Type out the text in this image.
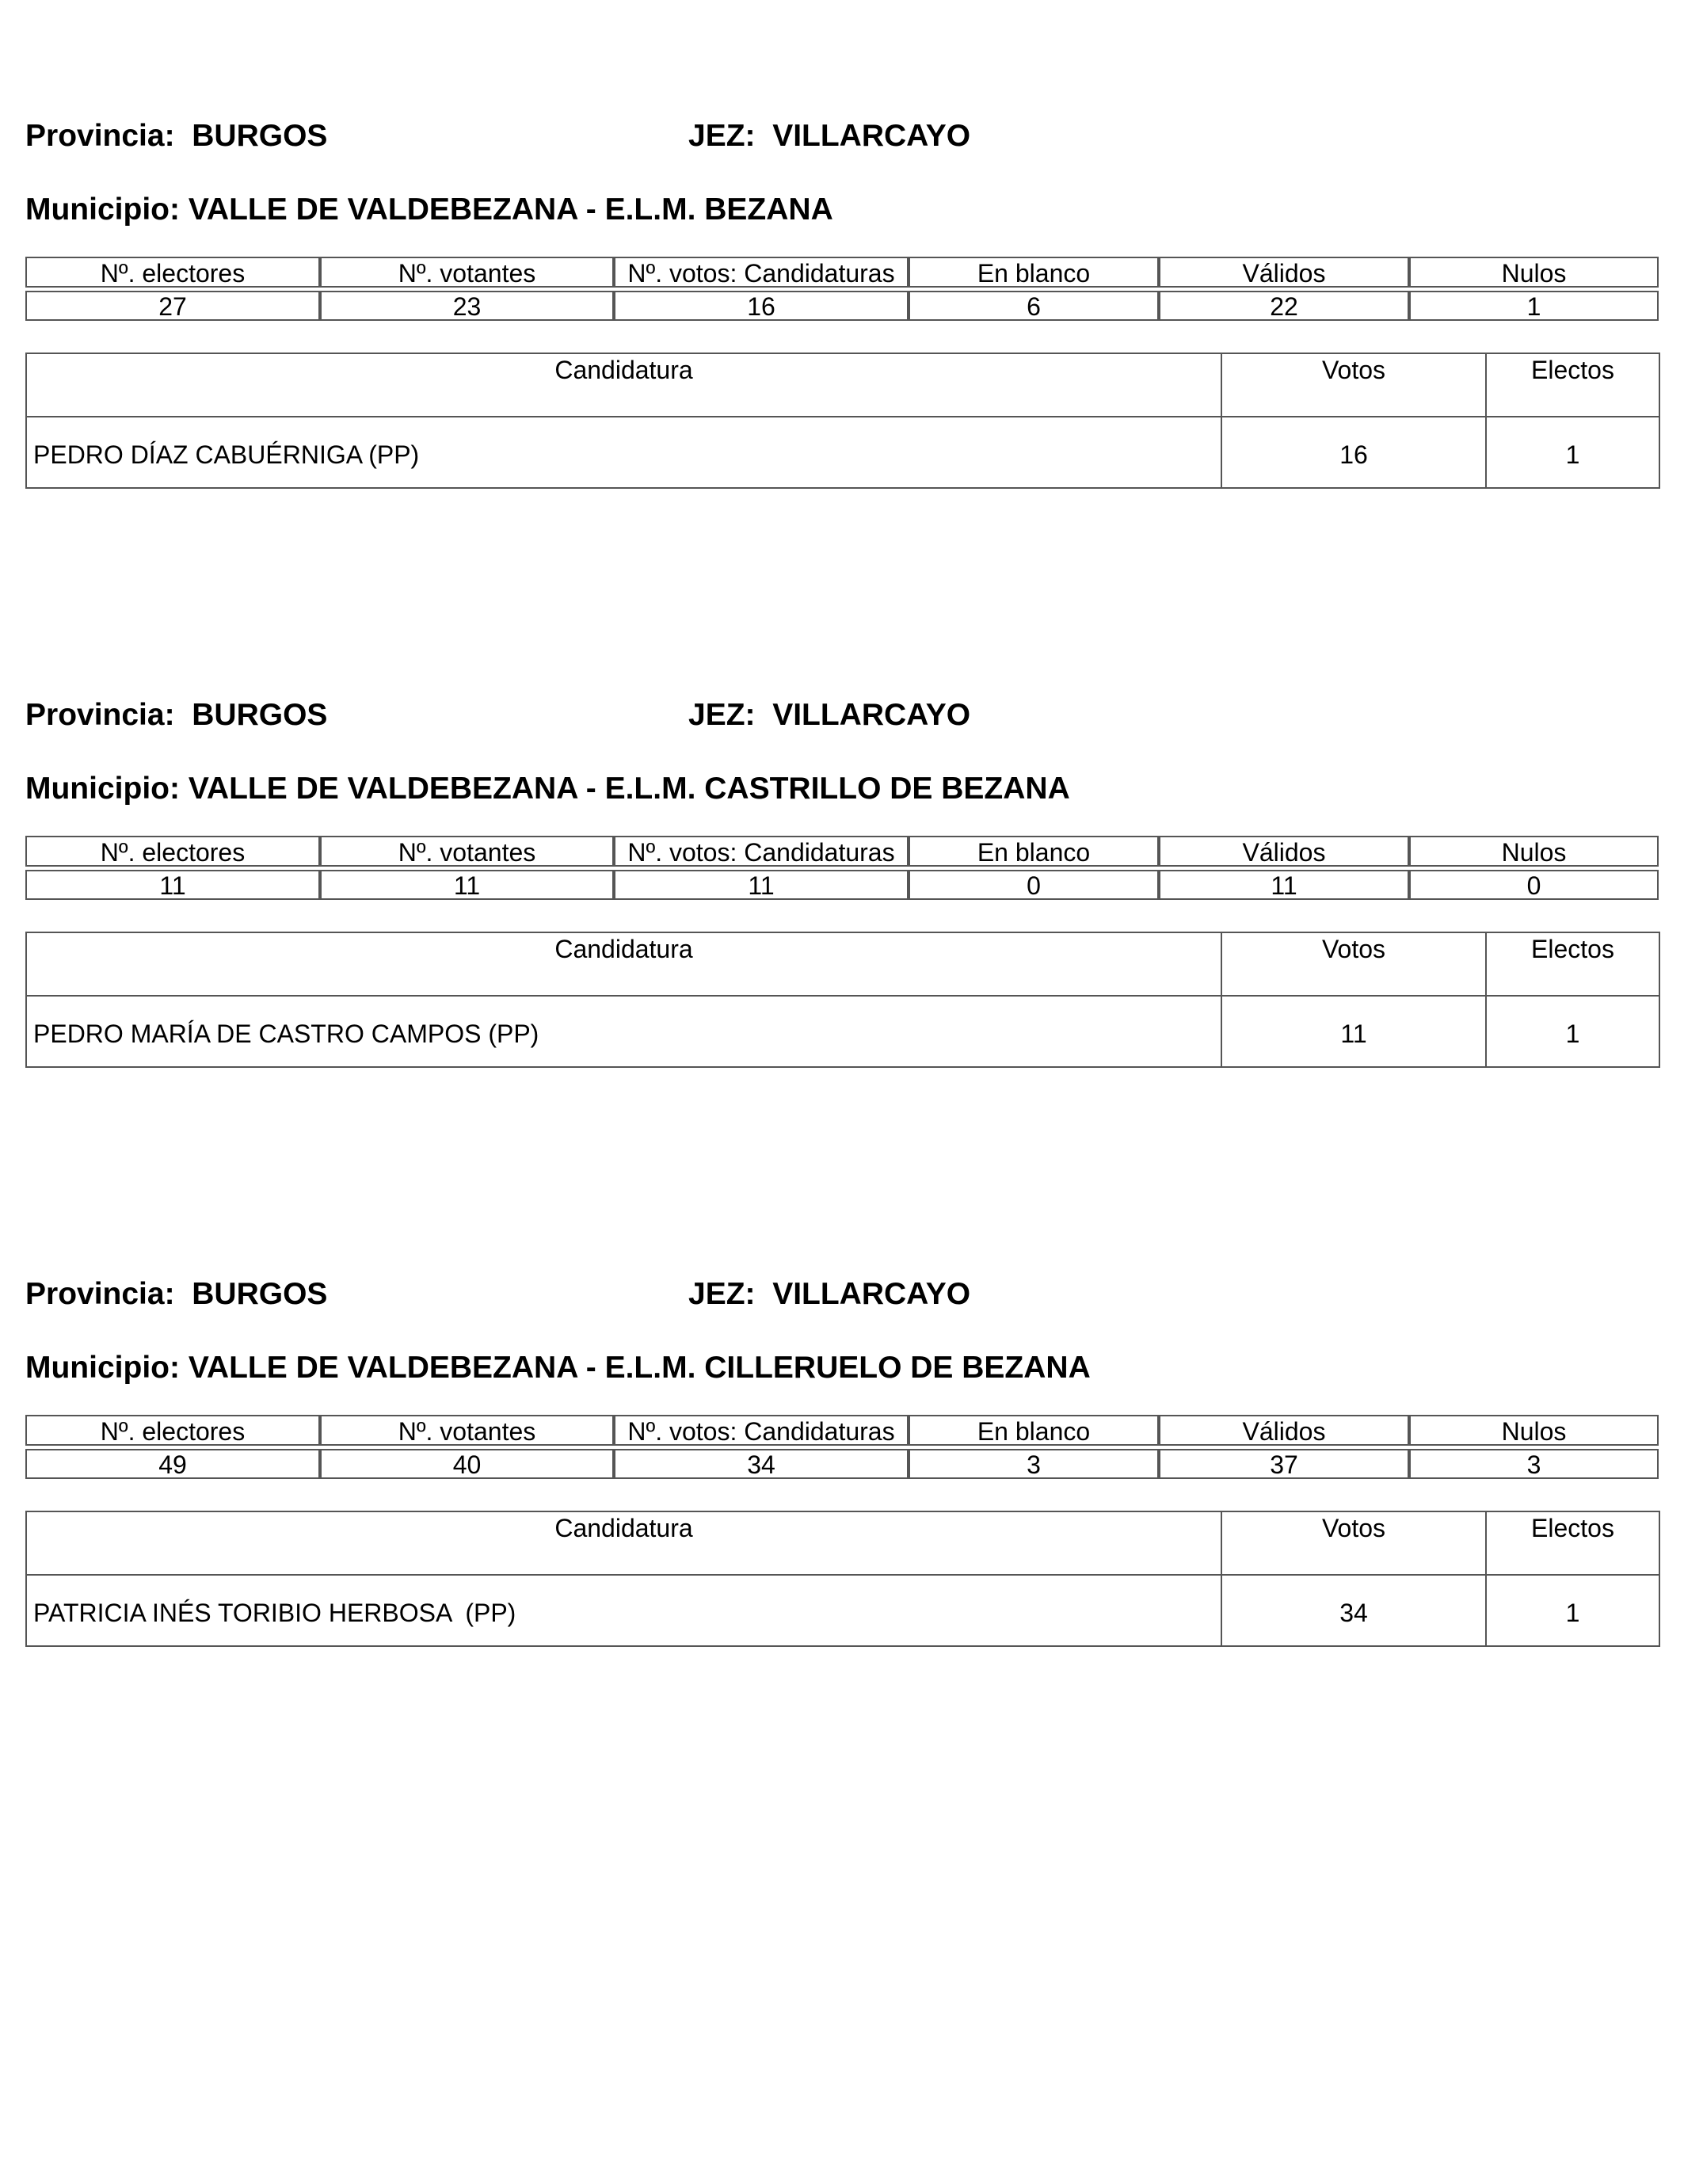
Provincia: BURGOS	JEZ: VILLARCAYO
Municipio: VALLE DE VALDEBEZANA - E.L.M. BEZANA
Nº. electores	Nº. votantes	Nº. votos: Candidaturas	En blanco	Válidos	Nulos

27	23	16	6	22	1
Candidatura	Votos	Electos

PEDRO DÍAZ CABUÉRNIGA (PP)	16	1
Provincia: BURGOS	JEZ: VILLARCAYO
Municipio: VALLE DE VALDEBEZANA - E.L.M. CASTRILLO DE BEZANA
Nº. electores	Nº. votantes	Nº. votos: Candidaturas	En blanco	Válidos	Nulos

11	11	11	0	11	0
Candidatura	Votos	Electos

PEDRO MARÍA DE CASTRO CAMPOS (PP)	11	1
Provincia: BURGOS	JEZ: VILLARCAYO
Municipio: VALLE DE VALDEBEZANA - E.L.M. CILLERUELO DE BEZANA
Nº. electores	Nº. votantes	Nº. votos: Candidaturas	En blanco	Válidos	Nulos

49	40	34	3	37	3
Candidatura	Votos	Electos

PATRICIA INÉS TORIBIO HERBOSA  (PP)	34	1
